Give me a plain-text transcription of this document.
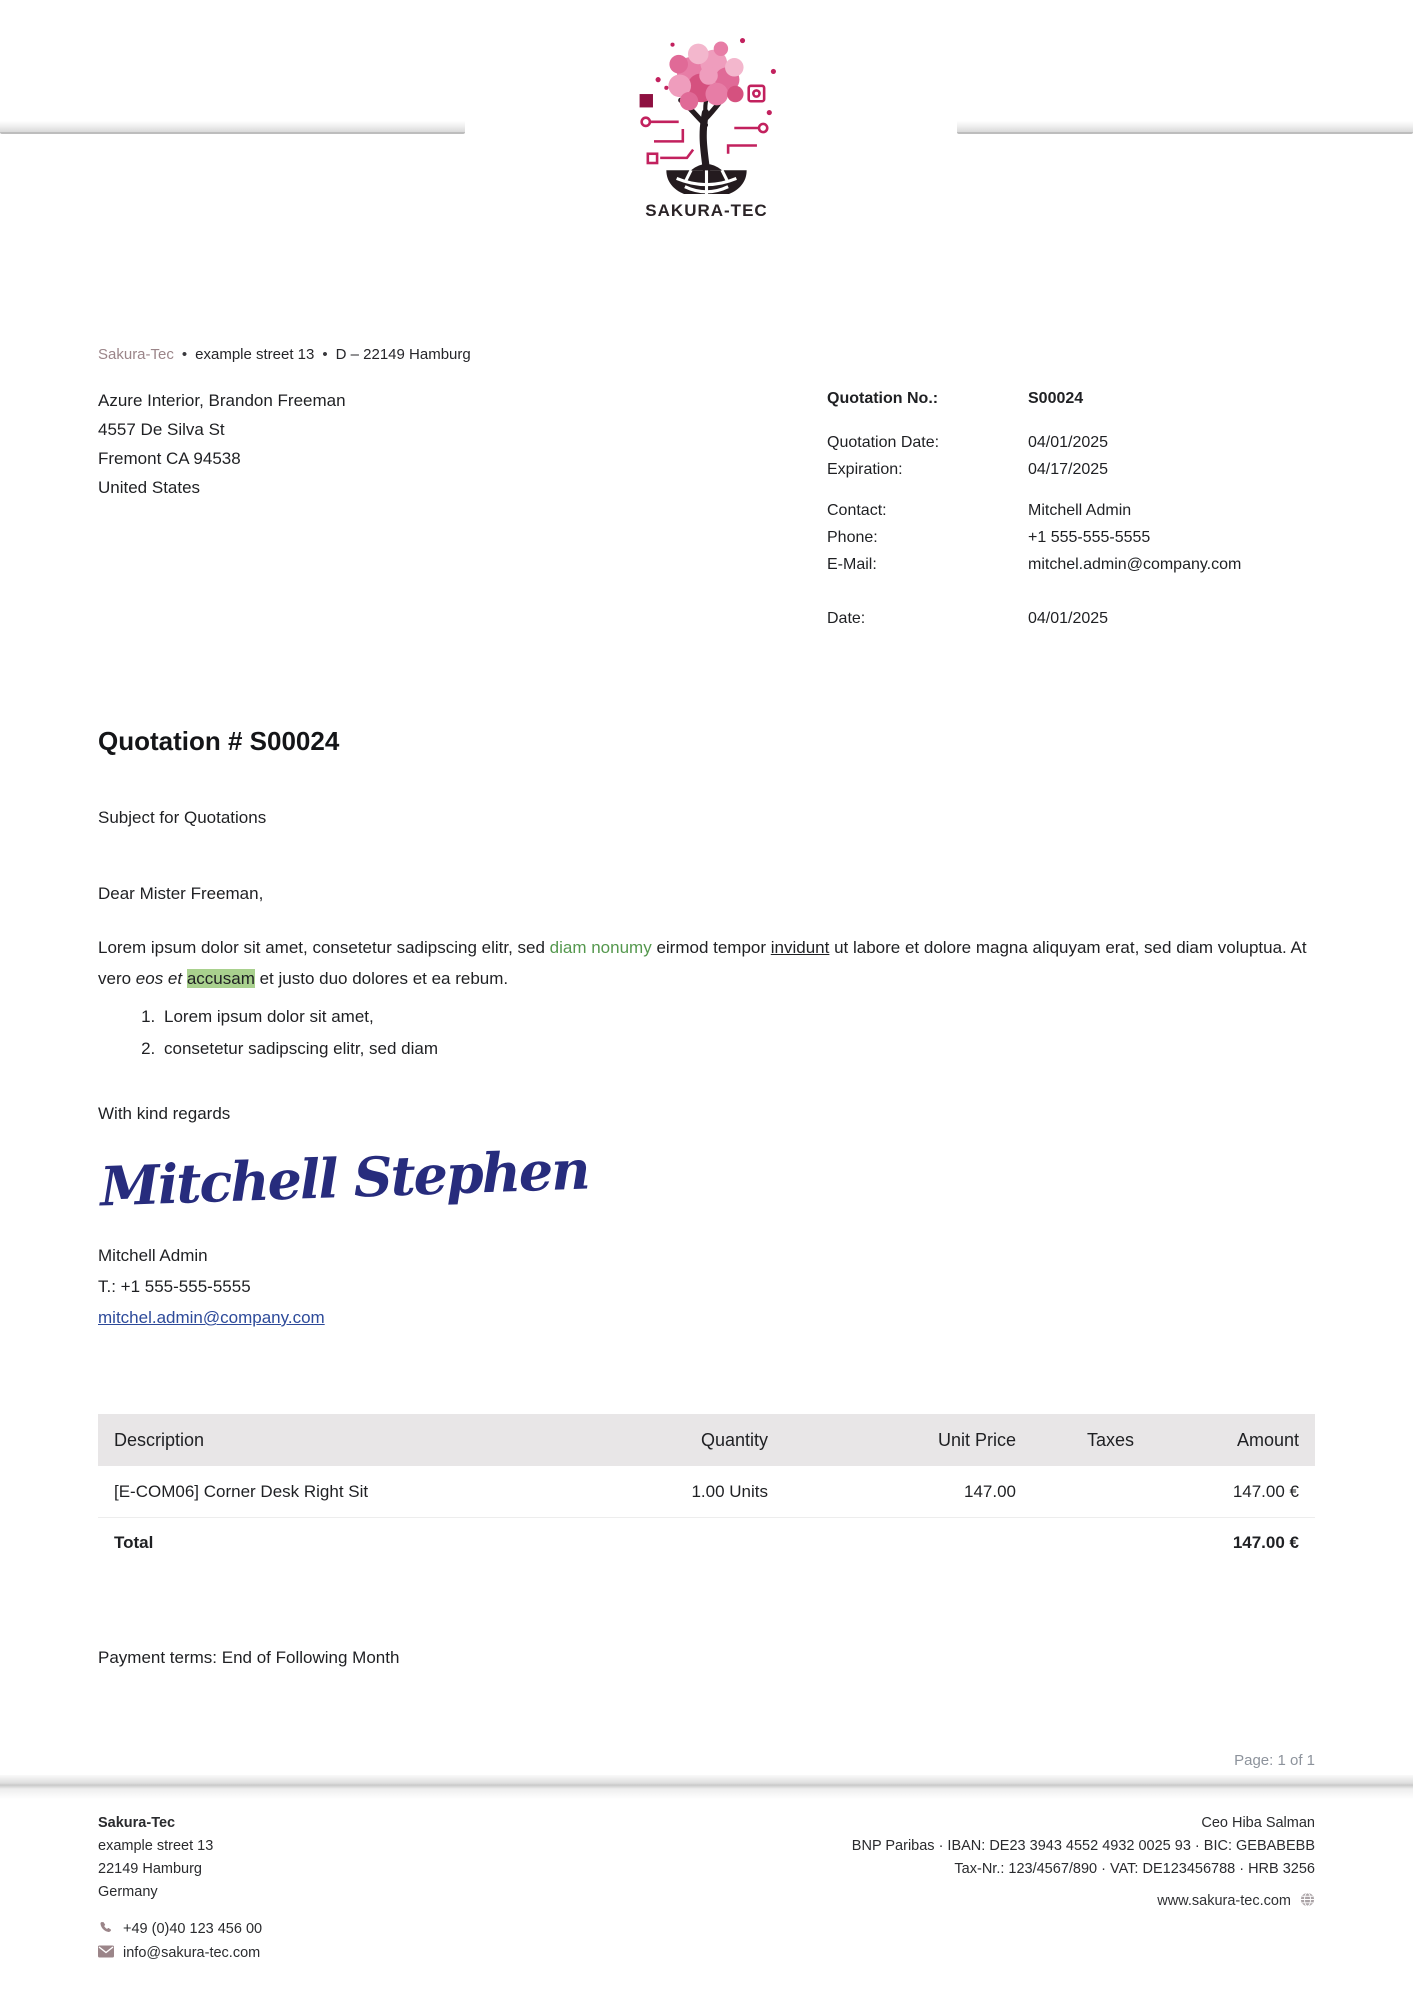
SAKURA-TEC
Sakura-Tec • example street 13 • D – 22149 Hamburg
Azure Interior, Brandon Freeman
4557 De Silva St
Fremont CA 94538
United States
Quotation No.:	S00024
Quotation Date:	04/01/2025
Expiration:	04/17/2025
Contact:	Mitchell Admin
Phone:	+1 555-555-5555
E-Mail:	mitchel.admin@company.com
Date:	04/01/2025
Quotation # S00024
Subject for Quotations
Dear Mister Freeman,

Lorem ipsum dolor sit amet, consetetur sadipscing elitr, sed diam nonumy eirmod tempor invidunt ut labore et dolore magna aliquyam erat, sed diam voluptua. At vero eos et accusam et justo duo dolores et ea rebum.

1. Lorem ipsum dolor sit amet,
2. consetetur sadipscing elitr, sed diam
With kind regards
Mitchell Stephen
Mitchell Admin
T.: +1 555-555-5555
mitchel.admin@company.com
Description	Quantity	Unit Price	Taxes	Amount
[E-COM06] Corner Desk Right Sit	1.00 Units	147.00		147.00 €
Total				147.00 €
Payment terms: End of Following Month
Page: 1 of 1
Sakura-Tec
example street 13
22149 Hamburg
Germany
+49 (0)40 123 456 00
info@sakura-tec.com
Ceo Hiba Salman
BNP Paribas · IBAN: DE23 3943 4552 4932 0025 93 · BIC: GEBABEBB
Tax-Nr.: 123/4567/890 · VAT: DE123456788 · HRB 3256
www.sakura-tec.com
